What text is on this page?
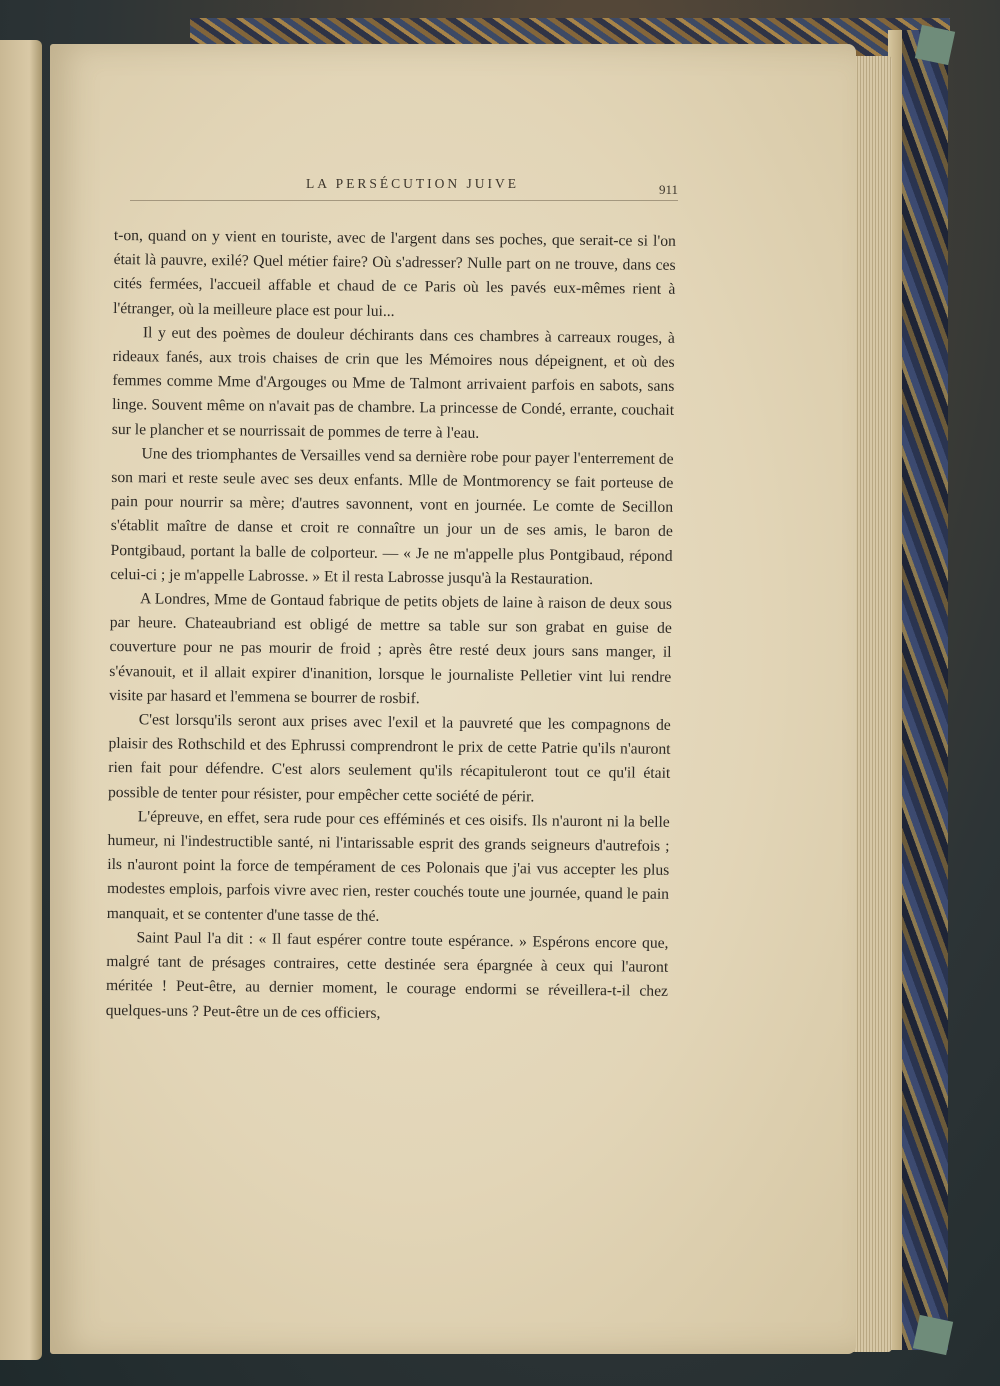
LA PERSÉCUTION JUIVE	911

t-on, quand on y vient en touriste, avec de l'argent dans ses poches, que serait-ce si l'on était là pauvre, exilé? Quel métier faire? Où s'adresser? Nulle part on ne trouve, dans ces cités fermées, l'accueil affable et chaud de ce Paris où les pavés eux-mêmes rient à l'étranger, où la meilleure place est pour lui...

Il y eut des poèmes de douleur déchirants dans ces chambres à carreaux rouges, à rideaux fanés, aux trois chaises de crin que les Mémoires nous dépeignent, et où des femmes comme Mme d'Argouges ou Mme de Talmont arrivaient parfois en sabots, sans linge. Souvent même on n'avait pas de chambre. La princesse de Condé, errante, couchait sur le plancher et se nourrissait de pommes de terre à l'eau.

Une des triomphantes de Versailles vend sa dernière robe pour payer l'enterrement de son mari et reste seule avec ses deux enfants. Mlle de Montmorency se fait porteuse de pain pour nourrir sa mère; d'autres savonnent, vont en journée. Le comte de Secillon s'établit maître de danse et croit re connaître un jour un de ses amis, le baron de Pontgibaud, portant la balle de colporteur. — « Je ne m'appelle plus Pontgibaud, répond celui-ci ; je m'appelle Labrosse. » Et il resta Labrosse jusqu'à la Restauration.

A Londres, Mme de Gontaud fabrique de petits objets de laine à raison de deux sous par heure. Chateaubriand est obligé de mettre sa table sur son grabat en guise de couverture pour ne pas mourir de froid ; après être resté deux jours sans manger, il s'évanouit, et il allait expirer d'inanition, lorsque le journaliste Pelletier vint lui rendre visite par hasard et l'emmena se bourrer de rosbif.

C'est lorsqu'ils seront aux prises avec l'exil et la pauvreté que les compagnons de plaisir des Rothschild et des Ephrussi comprendront le prix de cette Patrie qu'ils n'auront rien fait pour défendre. C'est alors seulement qu'ils récapituleront tout ce qu'il était possible de tenter pour résister, pour empêcher cette société de périr.

L'épreuve, en effet, sera rude pour ces efféminés et ces oisifs. Ils n'auront ni la belle humeur, ni l'indestructible santé, ni l'intarissable esprit des grands seigneurs d'autrefois ; ils n'auront point la force de tempérament de ces Polonais que j'ai vus accepter les plus modestes emplois, parfois vivre avec rien, rester couchés toute une journée, quand le pain manquait, et se contenter d'une tasse de thé.

Saint Paul l'a dit : « Il faut espérer contre toute espérance. » Espérons encore que, malgré tant de présages contraires, cette destinée sera épargnée à ceux qui l'auront méritée ! Peut-être, au dernier moment, le courage endormi se réveillera-t-il chez quelques-uns ? Peut-être un de ces officiers,
